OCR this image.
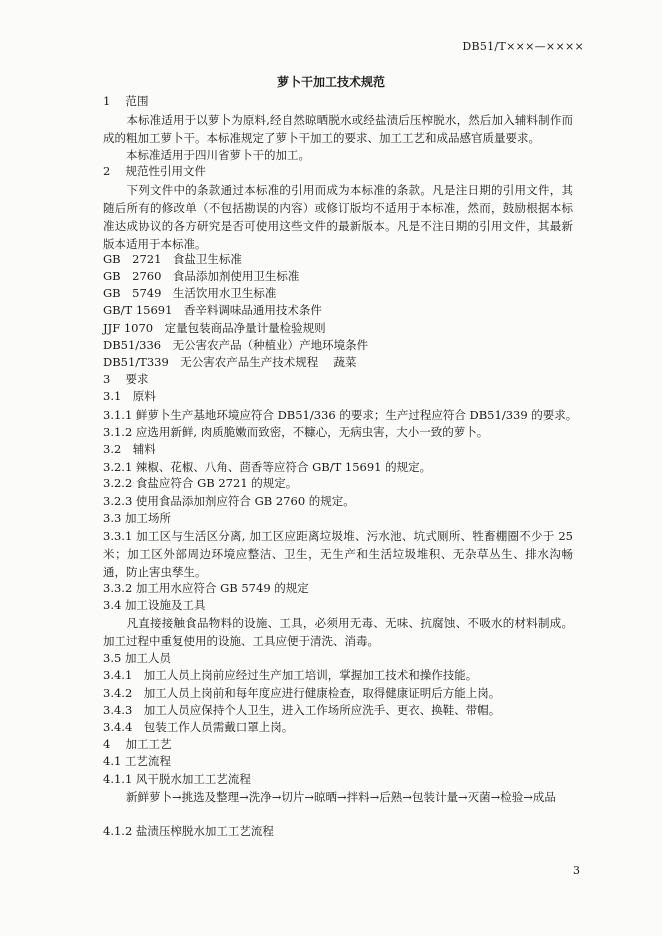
DB51/T×××—××××
萝卜干加工技术规范
1　 范围
　　本标准适用于以萝卜为原料,经自然晾晒脱水或经盐渍后压榨脱水，然后加入辅料制作而成的粗加工萝卜干。本标准规定了萝卜干加工的要求、加工工艺和成品感官质量要求。
　　本标准适用于四川省萝卜干的加工。
2　 规范性引用文件
　　下列文件中的条款通过本标准的引用而成为本标准的条款。凡是注日期的引用文件，其随后所有的修改单（不包括勘误的内容）或修订版均不适用于本标准，然而，鼓励根据本标准达成协议的各方研究是否可使用这些文件的最新版本。凡是不注日期的引用文件，其最新版本适用于本标准。
GB　2721　食盐卫生标准
GB　2760　食品添加剂使用卫生标准
GB　5749　生活饮用水卫生标准
GB/T 15691　香辛料调味品通用技术条件
JJF 1070　定量包装商品净量计量检验规则
DB51/336　无公害农产品（种植业）产地环境条件
DB51/T339　无公害农产品生产技术规程　 蔬菜
3　 要求
3.1　原料
3.1.1 鲜萝卜生产基地环境应符合 DB51/336 的要求；生产过程应符合 DB51/339 的要求。
3.1.2 应选用新鲜, 肉质脆嫩而致密，不糠心，无病虫害，大小一致的萝卜。
3.2　辅料
3.2.1 辣椒、花椒、八角、茴香等应符合 GB/T 15691 的规定。
3.2.2 食盐应符合 GB 2721 的规定。
3.2.3 使用食品添加剂应符合 GB 2760 的规定。
3.3 加工场所
3.3.1 加工区与生活区分离, 加工区应距离垃圾堆、污水池、坑式厕所、牲畜棚圈不少于 25 米；加工区外部周边环境应整洁、卫生，无生产和生活垃圾堆积、无杂草丛生、排水沟畅通，防止害虫孳生。
3.3.2 加工用水应符合 GB 5749 的规定
3.4 加工设施及工具
　　凡直接接触食品物料的设施、工具，必须用无毒、无味、抗腐蚀、不吸水的材料制成。加工过程中重复使用的设施、工具应便于清洗、消毒。
3.5 加工人员
3.4.1　加工人员上岗前应经过生产加工培训，掌握加工技术和操作技能。
3.4.2　加工人员上岗前和每年度应进行健康检查，取得健康证明后方能上岗。
3.4.3　加工人员应保持个人卫生，进入工作场所应洗手、更衣、换鞋、带帽。
3.4.4　包装工作人员需戴口罩上岗。
4　 加工工艺
4.1 工艺流程
4.1.1 风干脱水加工工艺流程
　　新鲜萝卜→挑选及整理→洗净→切片→晾晒→拌料→后熟→包装计量→灭菌→检验→成品
4.1.2 盐渍压榨脱水加工工艺流程
3
